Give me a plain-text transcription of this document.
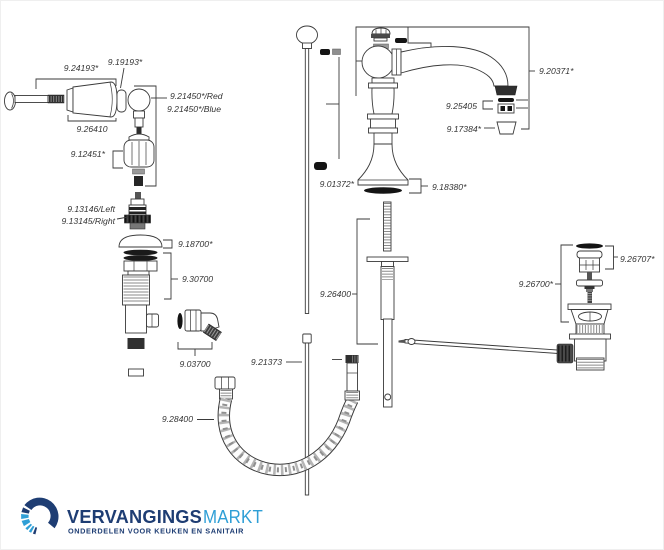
9.24193*
9.19193*
9.21450*/Red
9.21450*/Blue
9.26410
9.12451*
9.13146/Left
9.13145/Right
9.18700*
9.30700
9.03700
9.20371*
9.25405
9.17384*
9.01372*	9.18380*
9.26400
9.21373
9.28400
9.26707*
9.26700*
VERVANGINGSMARKT
ONDERDELEN VOOR KEUKEN EN SANITAIR
